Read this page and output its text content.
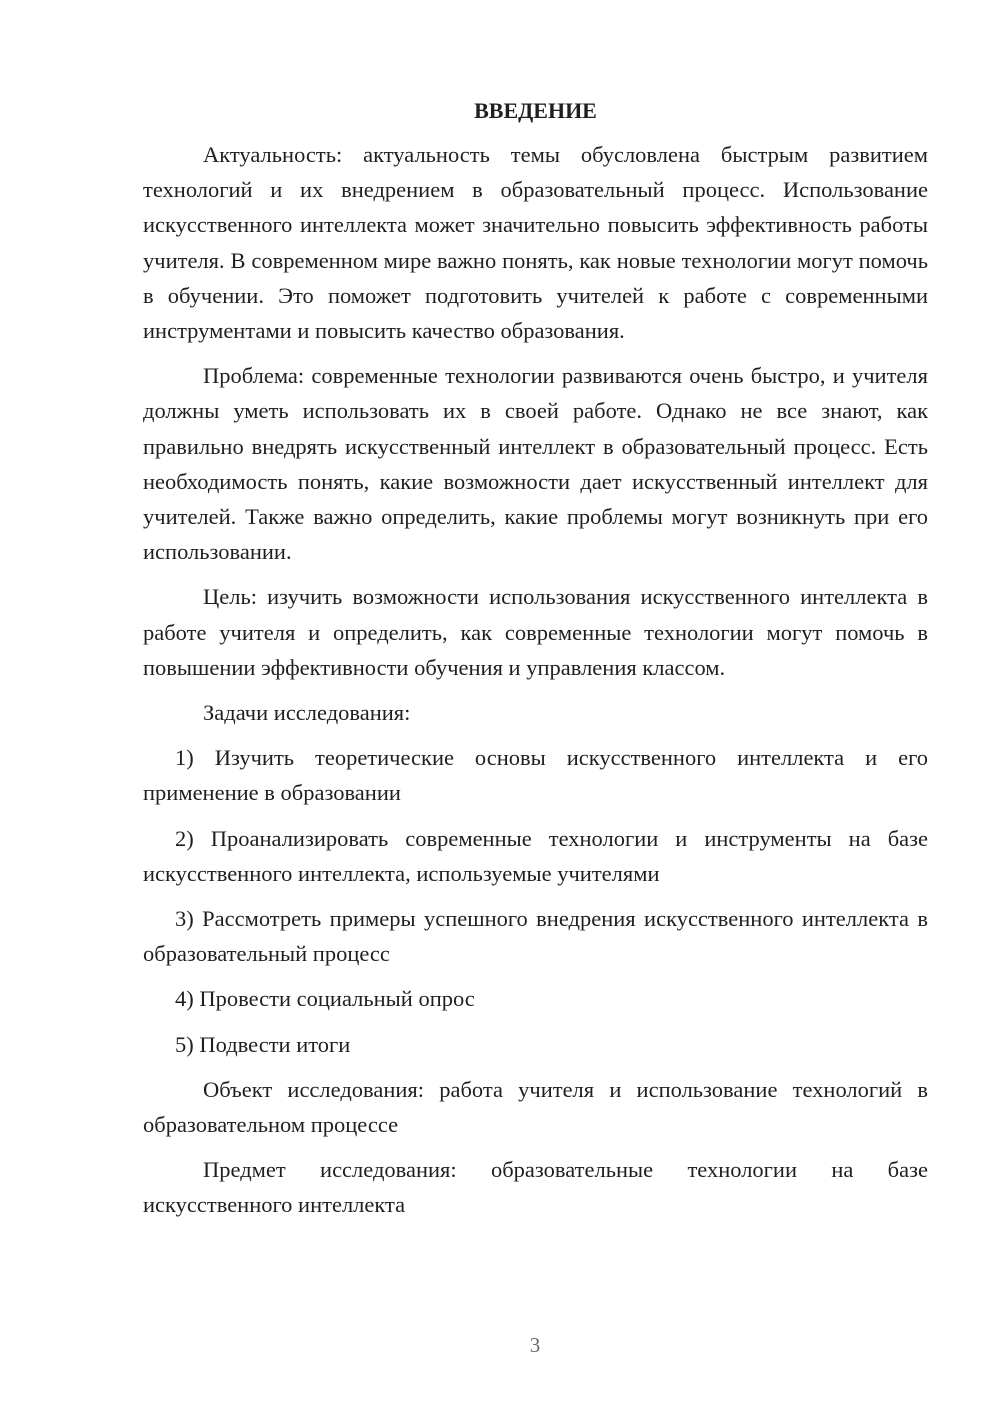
ВВЕДЕНИЕ

Актуальность: актуальность темы обусловлена быстрым развитием технологий и их внедрением в образовательный процесс. Использование искусственного интеллекта может значительно повысить эффективность работы учителя. В современном мире важно понять, как новые технологии могут помочь в обучении. Это поможет подготовить учителей к работе с современными инструментами и повысить качество образования.

Проблема: современные технологии развиваются очень быстро, и учителя должны уметь использовать их в своей работе. Однако не все знают, как правильно внедрять искусственный интеллект в образовательный процесс. Есть необходимость понять, какие возможности дает искусственный интеллект для учителей. Также важно определить, какие проблемы могут возникнуть при его использовании.

Цель: изучить возможности использования искусственного интеллекта в работе учителя и определить, как современные технологии могут помочь в повышении эффективности обучения и управления классом.

Задачи исследования:

1) Изучить теоретические основы искусственного интеллекта и его применение в образовании

2) Проанализировать современные технологии и инструменты на базе искусственного интеллекта, используемые учителями

3) Рассмотреть примеры успешного внедрения искусственного интеллекта в образовательный процесс

4) Провести социальный опрос

5) Подвести итоги

Объект исследования: работа учителя и использование технологий в образовательном процессе

Предмет исследования: образовательные технологии на базе искусственного интеллекта

3
